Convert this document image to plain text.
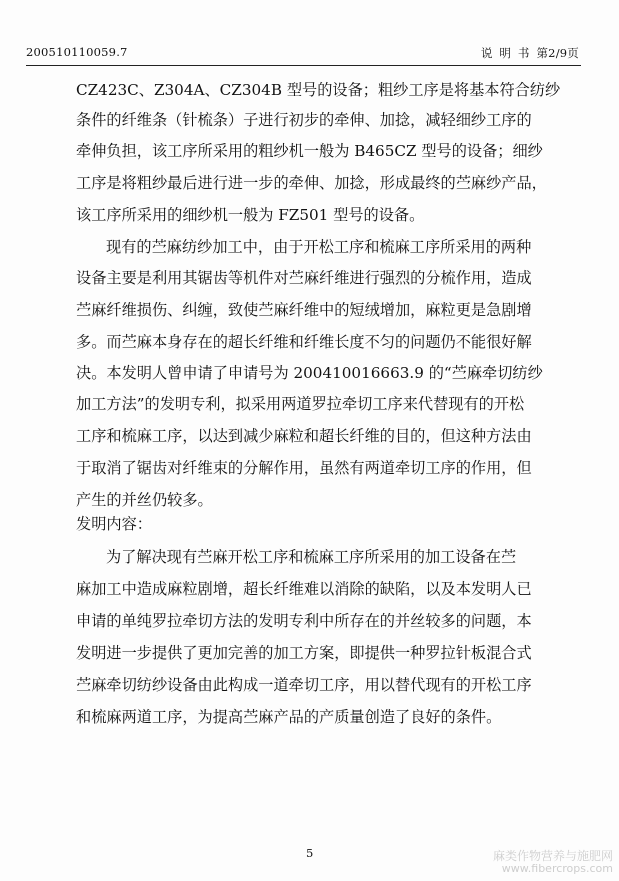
200510110059.7	说 明 书 第2/9页
CZ423C、Z304A、CZ304B 型号的设备；粗纱工序是将基本符合纺纱
条件的纤维条（针梳条）子进行初步的牵伸、加捻，减轻细纱工序的
牵伸负担，该工序所采用的粗纱机一般为 B465CZ 型号的设备；细纱
工序是将粗纱最后进行进一步的牵伸、加捻，形成最终的苎麻纱产品，
该工序所采用的细纱机一般为 FZ501 型号的设备。
现有的苎麻纺纱加工中，由于开松工序和梳麻工序所采用的两种
设备主要是利用其锯齿等机件对苎麻纤维进行强烈的分梳作用，造成
苎麻纤维损伤、纠缠，致使苎麻纤维中的短绒增加，麻粒更是急剧增
多。而苎麻本身存在的超长纤维和纤维长度不匀的问题仍不能很好解
决。本发明人曾申请了申请号为 200410016663.9 的“苎麻牵切纺纱
加工方法”的发明专利，拟采用两道罗拉牵切工序来代替现有的开松
工序和梳麻工序，以达到减少麻粒和超长纤维的目的，但这种方法由
于取消了锯齿对纤维束的分解作用，虽然有两道牵切工序的作用，但
产生的并丝仍较多。
发明内容：
为了解决现有苎麻开松工序和梳麻工序所采用的加工设备在苎
麻加工中造成麻粒剧增，超长纤维难以消除的缺陷，以及本发明人已
申请的单纯罗拉牵切方法的发明专利中所存在的并丝较多的问题，本
发明进一步提供了更加完善的加工方案，即提供一种罗拉针板混合式
苎麻牵切纺纱设备由此构成一道牵切工序，用以替代现有的开松工序
和梳麻两道工序，为提高苎麻产品的产质量创造了良好的条件。
5	麻类作物营养与施肥网
www.fibercrops.com
